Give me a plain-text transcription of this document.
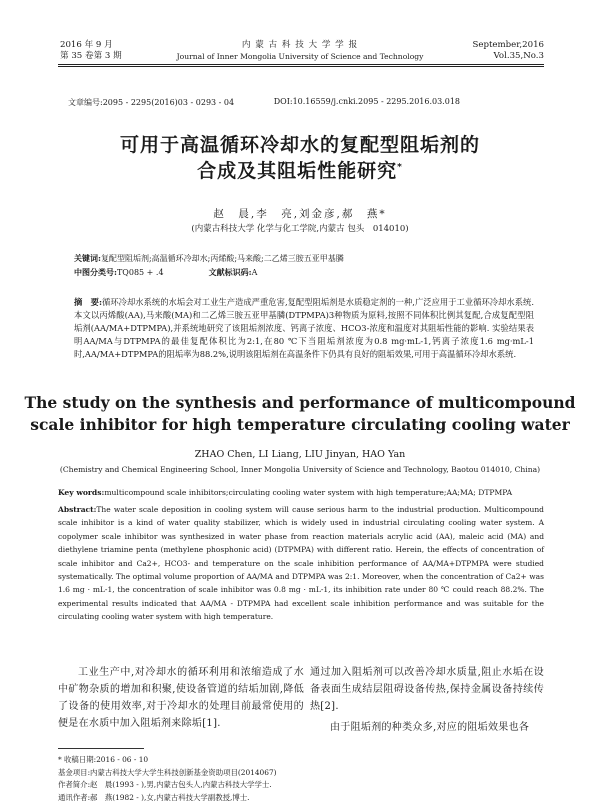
2016 年 9 月
第 35 卷第 3 期
内 蒙 古 科 技 大 学 学 报
Journal of Inner Mongolia University of Science and Technology
September,2016
Vol.35,No.3
文章编号:2095 - 2295(2016)03 - 0293 - 04	DOI:10.16559/j.cnki.2095 - 2295.2016.03.018
可用于高温循环冷却水的复配型阻垢剂的
合成及其阻垢性能研究*
赵　晨,李　亮,刘金彦,郝　燕*
(内蒙古科技大学 化学与化工学院,内蒙古 包头　014010)
关键词:复配型阻垢剂;高温循环冷却水;丙烯酸;马来酸;二乙烯三胺五亚甲基膦
中图分类号:TQ085 + .4	文献标识码:A
摘　要:循环冷却水系统的水垢会对工业生产造成严重危害,复配型阻垢剂是水质稳定剂的一种,广泛应用于工业循环冷却水系统. 本文以丙烯酸(AA),马来酸(MA)和二乙烯三胺五亚甲基膦(DTPMPA)3种物质为原料,按照不同体积比例其复配,合成复配型阻垢剂(AA/MA+DTPMPA),并系统地研究了该阻垢剂浓度、钙离子浓度、HCO3-浓度和温度对其阻垢性能的影响. 实验结果表明AA/MA与DTPMPA的最佳复配体积比为2:1,在80 ℃下当阻垢剂浓度为0.8 mg·mL-1,钙离子浓度1.6 mg·mL-1时,AA/MA+DTPMPA的阻垢率为88.2%,说明该阻垢剂在高温条件下仍具有良好的阻垢效果,可用于高温循环冷却水系统.
The study on the synthesis and performance of multicompound
scale inhibitor for high temperature circulating cooling water
ZHAO Chen, LI Liang, LIU Jinyan, HAO Yan
(Chemistry and Chemical Engineering School, Inner Mongolia University of Science and Technology, Baotou 014010, China)
Key words:multicompound scale inhibitors;circulating cooling water system with high temperature;AA;MA; DTPMPA
Abstract:The water scale deposition in cooling system will cause serious harm to the industrial production. Multicompound scale inhibitor is a kind of water quality stabilizer, which is widely used in industrial circulating cooling water system. A copolymer scale inhibitor was synthesized in water phase from reaction materials acrylic acid (AA), maleic acid (MA) and diethylene triamine penta (methylene phosphonic acid) (DTPMPA) with different ratio. Herein, the effects of concentration of scale inhibitor and Ca2+, HCO3- and temperature on the scale inhibition performance of AA/MA+DTPMPA were studied systematically. The optimal volume proportion of AA/MA and DTPMPA was 2:1. Moreover, when the concentration of Ca2+ was 1.6 mg · mL-1, the concentration of scale inhibitor was 0.8 mg · mL-1, its inhibition rate under 80 ℃ could reach 88.2%. The experimental results indicated that AA/MA - DTPMPA had excellent scale inhibition performance and was suitable for the circulating cooling water system with high temperature.
工业生产中,对冷却水的循环利用和浓缩造成了水中矿物杂质的增加和积聚,使设备管道的结垢加剧,降低了设备的使用效率,对于冷却水的处理目前最常使用的便是在水质中加入阻垢剂来除垢[1].

通过加入阻垢剂可以改善冷却水质量,阻止水垢在设备表面生成结层阻碍设备传热,保持金属设备持续传热[2].

由于阻垢剂的种类众多,对应的阻垢效果也各

* 收稿日期:2016 - 06 - 10
基金项目:内蒙古科技大学大学生科技创新基金资助项目(2014067)
作者简介:赵　晨(1993 - ),男,内蒙古包头人,内蒙古科技大学学士.
通讯作者:郝　燕(1982 - ),女,内蒙古科技大学副教授,博士.
